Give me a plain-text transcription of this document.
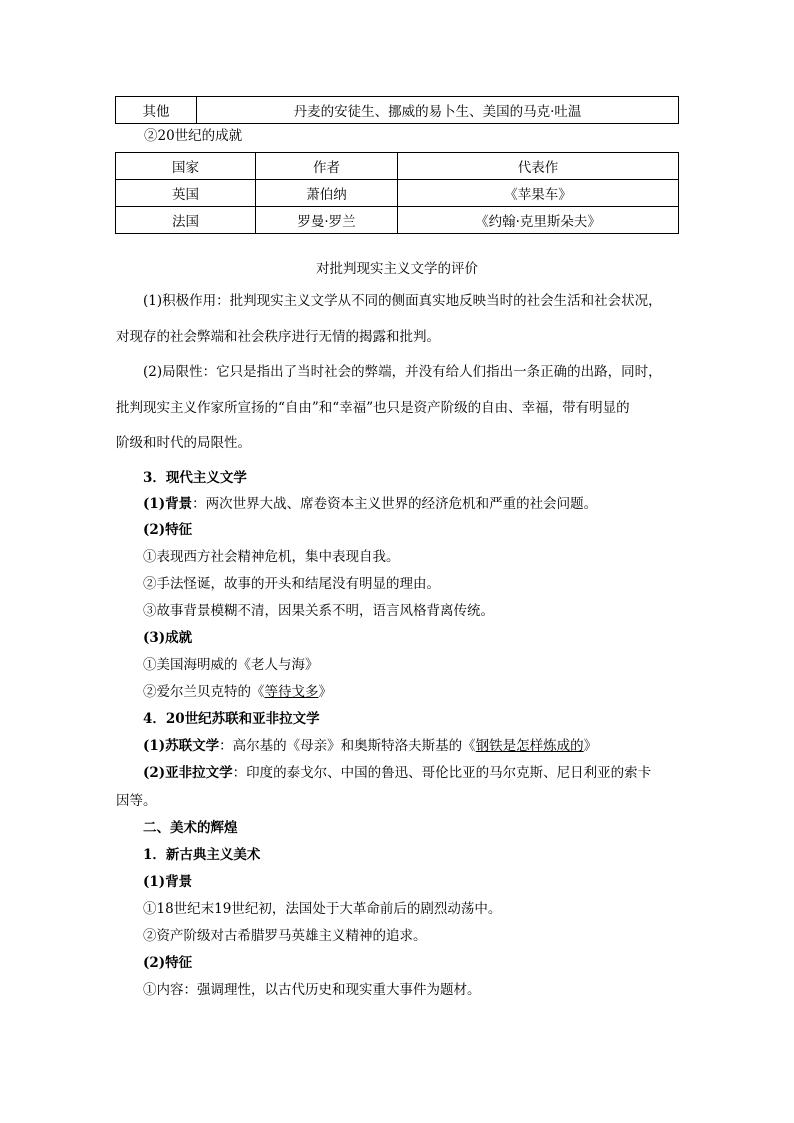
其他	丹麦的安徒生、挪威的易卜生、美国的马克·吐温
②20世纪的成就
国家	作者	代表作
英国	萧伯纳	《苹果车》
法国	罗曼·罗兰	《约翰·克里斯朵夫》
对批判现实主义文学的评价
(1)积极作用：批判现实主义文学从不同的侧面真实地反映当时的社会生活和社会状况，
对现存的社会弊端和社会秩序进行无情的揭露和批判。
(2)局限性：它只是指出了当时社会的弊端，并没有给人们指出一条正确的出路，同时，
批判现实主义作家所宣扬的“自由”和“幸福”也只是资产阶级的自由、幸福，带有明显的
阶级和时代的局限性。
3．现代主义文学
(1)背景：两次世界大战、席卷资本主义世界的经济危机和严重的社会问题。
(2)特征
①表现西方社会精神危机，集中表现自我。
②手法怪诞，故事的开头和结尾没有明显的理由。
③故事背景模糊不清，因果关系不明，语言风格背离传统。
(3)成就
①美国海明威的《老人与海》
②爱尔兰贝克特的《等待戈多》
4．20世纪苏联和亚非拉文学
(1)苏联文学：高尔基的《母亲》和奥斯特洛夫斯基的《钢铁是怎样炼成的》
(2)亚非拉文学：印度的泰戈尔、中国的鲁迅、哥伦比亚的马尔克斯、尼日利亚的索卡
因等。
二、美术的辉煌
1．新古典主义美术
(1)背景
①18世纪末19世纪初，法国处于大革命前后的剧烈动荡中。
②资产阶级对古希腊罗马英雄主义精神的追求。
(2)特征
①内容：强调理性，以古代历史和现实重大事件为题材。
